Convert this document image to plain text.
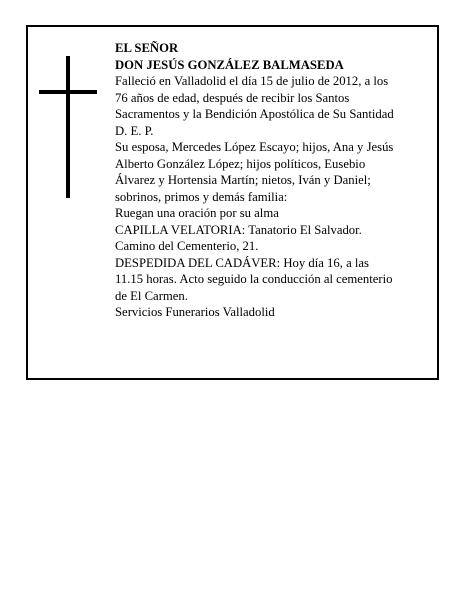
EL SEÑOR

DON JESÚS GONZÁLEZ BALMASEDA

Falleció en Valladolid el día 15 de julio de 2012, a los

76 años de edad, después de recibir los Santos

Sacramentos y la Bendición Apostólica de Su Santidad

D. E. P.

Su esposa, Mercedes López Escayo; hijos, Ana y Jesús

Alberto González López; hijos políticos, Eusebio

Álvarez y Hortensia Martín; nietos, Iván y Daniel;

sobrinos, primos y demás familia:

Ruegan una oración por su alma

CAPILLA VELATORIA: Tanatorio El Salvador.

Camino del Cementerio, 21.

DESPEDIDA DEL CADÁVER: Hoy día 16, a las

11.15 horas. Acto seguido la conducción al cementerio

de El Carmen.

Servicios Funerarios Valladolid
